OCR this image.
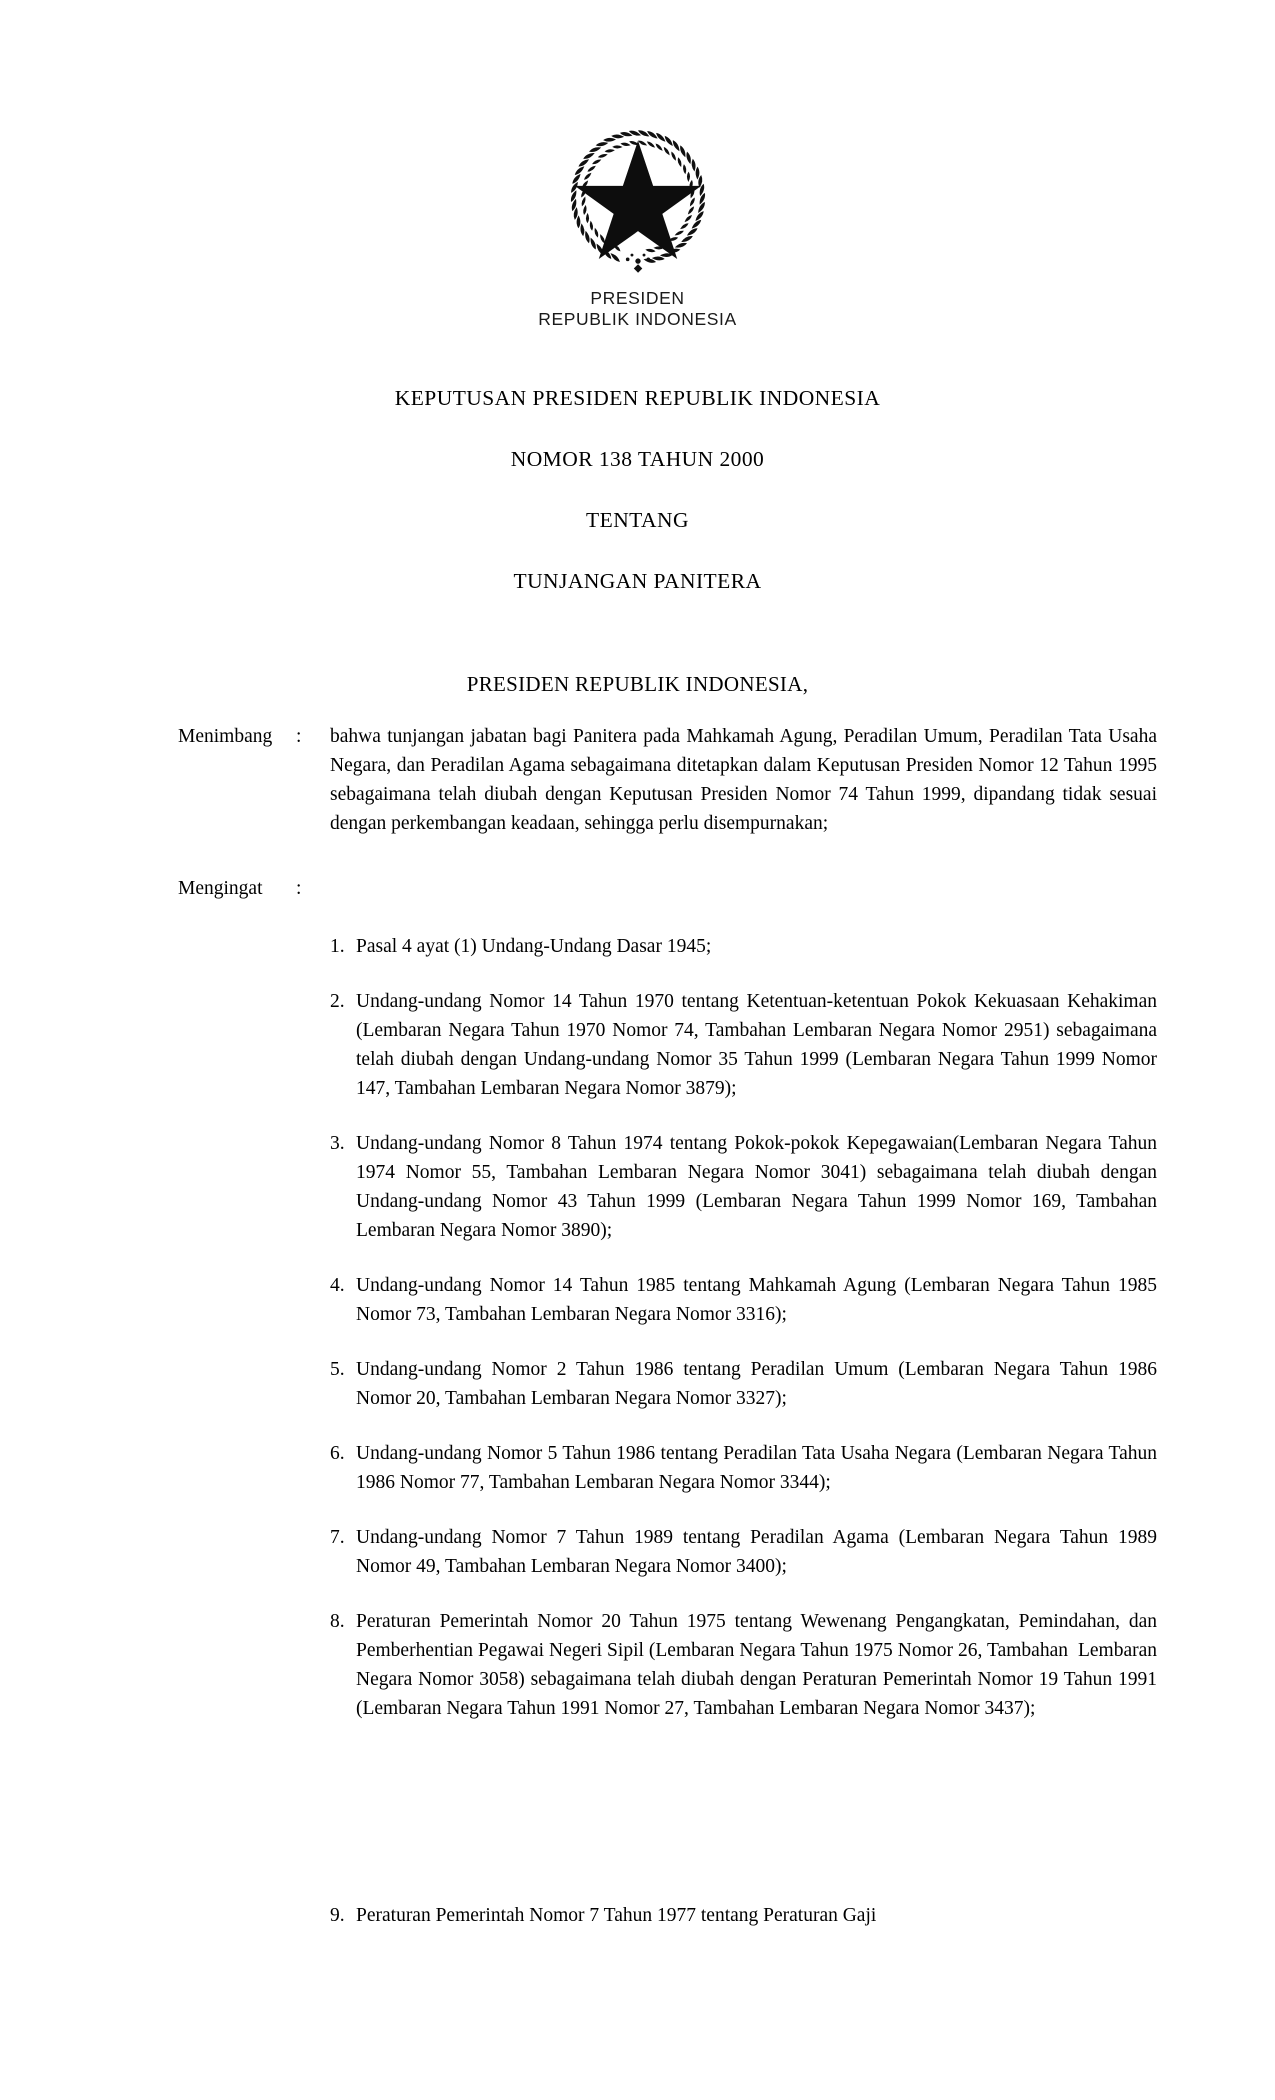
PRESIDEN
REPUBLIK INDONESIA
KEPUTUSAN PRESIDEN REPUBLIK INDONESIA
NOMOR 138 TAHUN 2000
TENTANG
TUNJANGAN PANITERA
PRESIDEN REPUBLIK INDONESIA,
Menimbang	:	bahwa tunjangan jabatan bagi Panitera pada Mahkamah Agung, Peradilan Umum, Peradilan Tata Usaha Negara, dan Peradilan Agama sebagaimana ditetapkan dalam Keputusan Presiden Nomor 12 Tahun 1995 sebagaimana telah diubah dengan Keputusan Presiden Nomor 74 Tahun 1999, dipandang tidak sesuai dengan perkembangan keadaan, sehingga perlu disempurnakan;
Mengingat	:

1. Pasal 4 ayat (1) Undang-Undang Dasar 1945;
2. Undang-undang Nomor 14 Tahun 1970 tentang Ketentuan-ketentuan Pokok Kekuasaan Kehakiman (Lembaran Negara Tahun 1970 Nomor 74, Tambahan Lembaran Negara Nomor 2951) sebagaimana telah diubah dengan Undang-undang Nomor 35 Tahun 1999 (Lembaran Negara Tahun 1999 Nomor 147, Tambahan Lembaran Negara Nomor 3879);
3. Undang-undang Nomor 8 Tahun 1974 tentang Pokok-pokok Kepegawaian(Lembaran Negara Tahun 1974 Nomor 55, Tambahan Lembaran Negara Nomor 3041) sebagaimana telah diubah dengan Undang-undang Nomor 43 Tahun 1999 (Lembaran Negara Tahun 1999 Nomor 169, Tambahan Lembaran Negara Nomor 3890);
4. Undang-undang Nomor 14 Tahun 1985 tentang Mahkamah Agung (Lembaran Negara Tahun 1985 Nomor 73, Tambahan Lembaran Negara Nomor 3316);
5. Undang-undang Nomor 2 Tahun 1986 tentang Peradilan Umum (Lembaran Negara Tahun 1986 Nomor 20, Tambahan Lembaran Negara Nomor 3327);
6. Undang-undang Nomor 5 Tahun 1986 tentang Peradilan Tata Usaha Negara (Lembaran Negara Tahun 1986 Nomor 77, Tambahan Lembaran Negara Nomor 3344);
7. Undang-undang Nomor 7 Tahun 1989 tentang Peradilan Agama (Lembaran Negara Tahun 1989 Nomor 49, Tambahan Lembaran Negara Nomor 3400);
8. Peraturan Pemerintah Nomor 20 Tahun 1975 tentang Wewenang Pengangkatan, Pemindahan, dan Pemberhentian Pegawai Negeri Sipil (Lembaran Negara Tahun 1975 Nomor 26, Tambahan  Lembaran Negara Nomor 3058) sebagaimana telah diubah dengan Peraturan Pemerintah Nomor 19 Tahun 1991 (Lembaran Negara Tahun 1991 Nomor 27, Tambahan Lembaran Negara Nomor 3437);

9. Peraturan Pemerintah Nomor 7 Tahun 1977 tentang Peraturan Gaji
